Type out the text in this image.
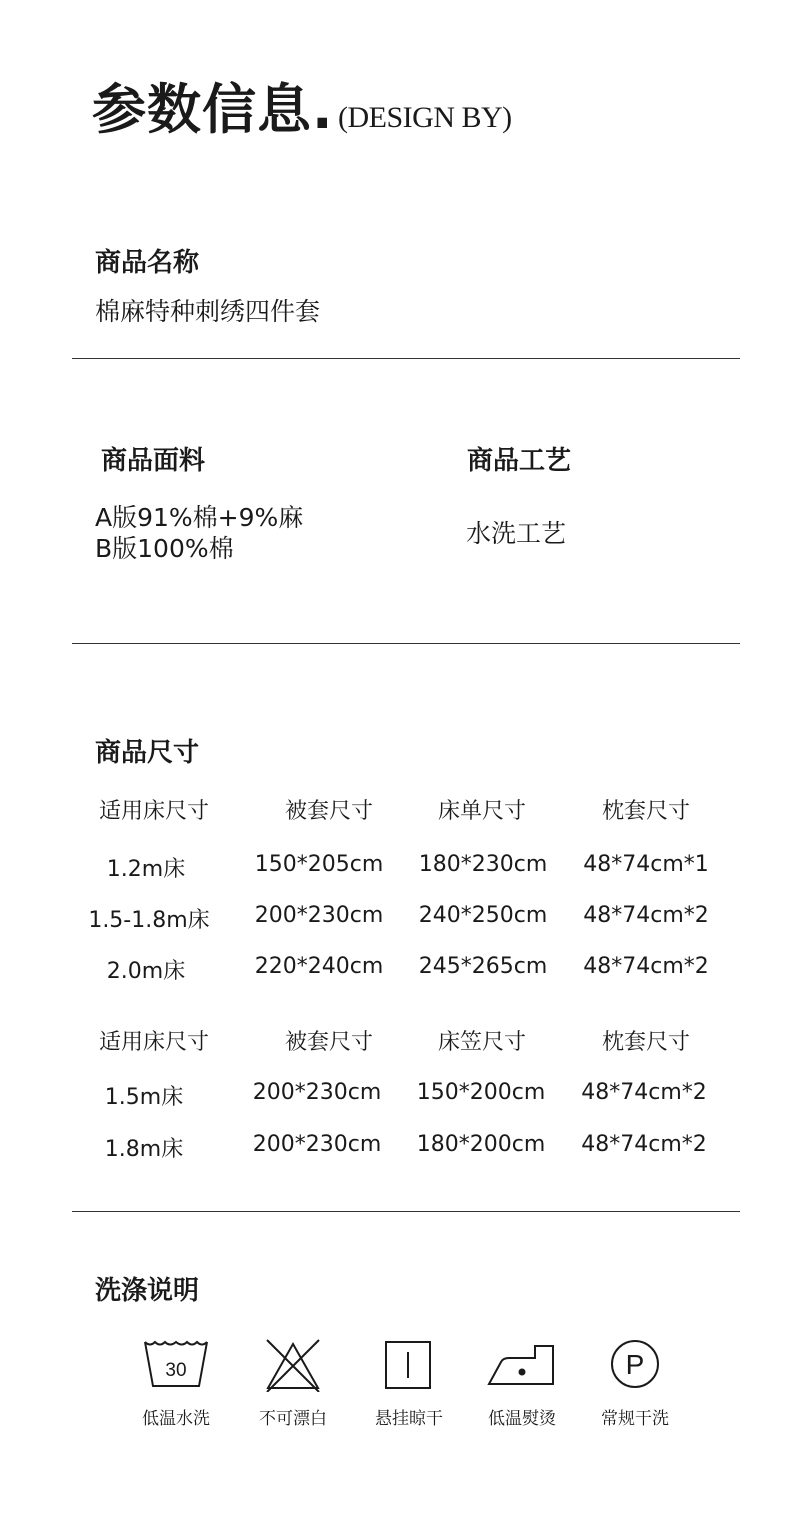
参数信息. (DESIGN BY)
商品名称
棉麻特种刺绣四件套
商品面料
A版91%棉+9%麻
B版100%棉
商品工艺
水洗工艺
商品尺寸
适用床尺寸	被套尺寸	床单尺寸	枕套尺寸
1.2m床	150*205cm 180*230cm 48*74cm*1
1.5-1.8m床 200*230cm 240*250cm 48*74cm*2
2.0m床	220*240cm 245*265cm 48*74cm*2
适用床尺寸	被套尺寸	床笠尺寸	枕套尺寸
1.5m床	200*230cm 150*200cm 48*74cm*2
1.8m床	200*230cm 180*200cm 48*74cm*2
洗涤说明
30
低温水洗	不可漂白	悬挂晾干	低温熨烫
P
常规干洗
